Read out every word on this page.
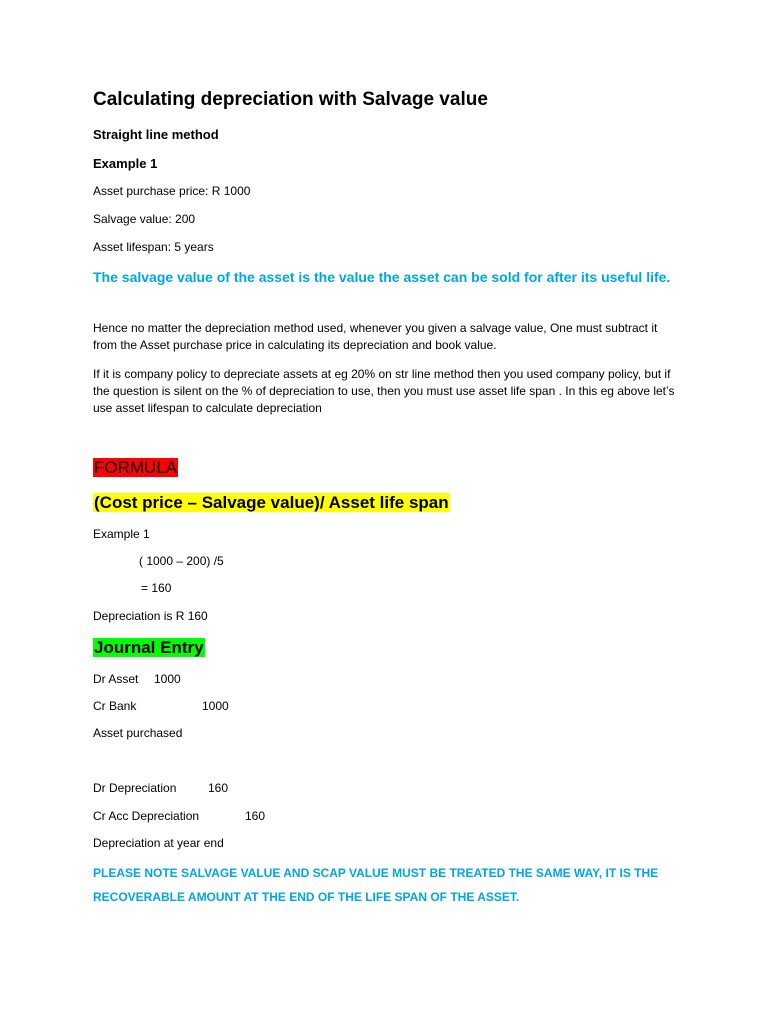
Calculating depreciation with Salvage value
Straight line method
Example 1
Asset purchase price: R 1000
Salvage value: 200
Asset lifespan: 5 years
The salvage value of the asset is the value the asset can be sold for after its useful life.
Hence no matter the depreciation method used, whenever you given a salvage value, One must subtract it from the Asset purchase price in calculating its depreciation and book value.
If it is company policy to depreciate assets at eg 20% on str line method then you used company policy, but if the question is silent on the % of depreciation to use, then you must use asset life span . In this eg above let’s use asset lifespan to calculate depreciation
FORMULA
(Cost price – Salvage value)/ Asset life span
Example 1
( 1000 – 200) /5
= 160
Depreciation is R 160
Journal Entry
Dr Asset 1000
Cr Bank	1000
Asset purchased
Dr Depreciation	160
Cr Acc Depreciation	160
Depreciation at year end
PLEASE NOTE SALVAGE VALUE AND SCAP VALUE MUST BE TREATED THE SAME WAY, IT IS THE RECOVERABLE AMOUNT AT THE END OF THE LIFE SPAN OF THE ASSET.
